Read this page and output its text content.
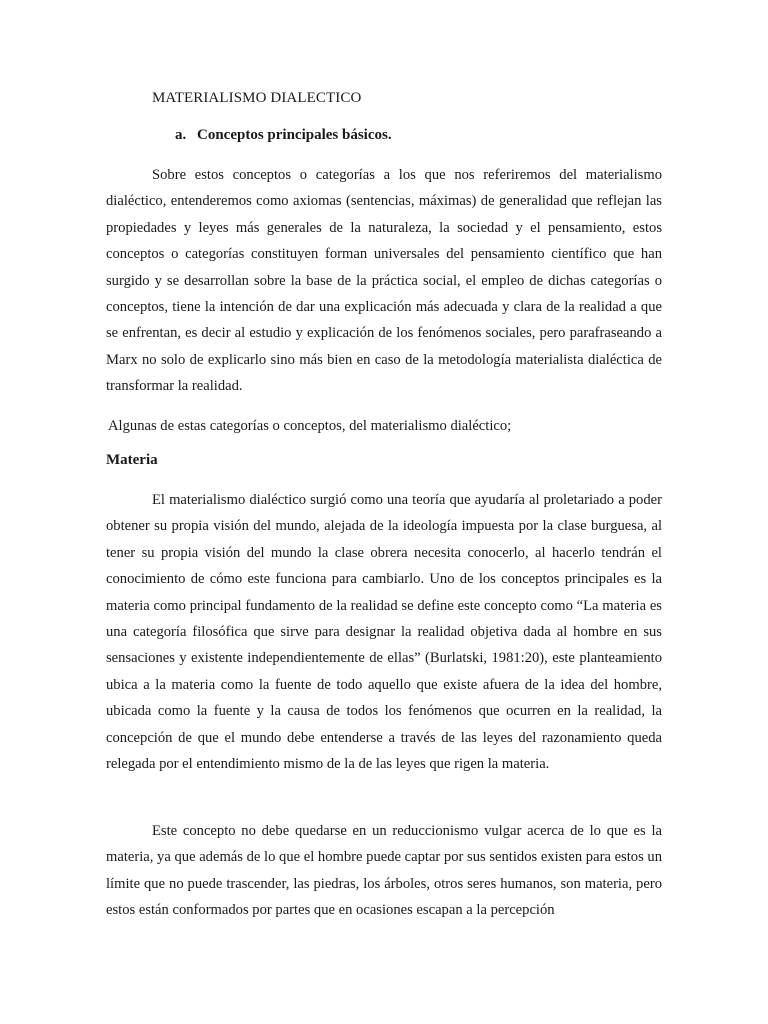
MATERIALISMO DIALECTICO
a. Conceptos principales básicos.

Sobre estos conceptos o categorías a los que nos referiremos del materialismo dialéctico, entenderemos como axiomas (sentencias, máximas) de generalidad que reflejan las propiedades y leyes más generales de la naturaleza, la sociedad y el pensamiento, estos conceptos o categorías constituyen forman universales del pensamiento científico que han surgido y se desarrollan sobre la base de la práctica social, el empleo de dichas categorías o conceptos, tiene la intención de dar una explicación más adecuada y clara de la realidad a que se enfrentan, es decir al estudio y explicación de los fenómenos sociales, pero parafraseando a Marx no solo de explicarlo sino más bien en caso de la metodología materialista dialéctica de transformar la realidad.

Algunas de estas categorías o conceptos, del materialismo dialéctico;

Materia

El materialismo dialéctico surgió como una teoría que ayudaría al proletariado a poder obtener su propia visión del mundo, alejada de la ideología impuesta por la clase burguesa, al tener su propia visión del mundo la clase obrera necesita conocerlo, al hacerlo tendrán el conocimiento de cómo este funciona para cambiarlo. Uno de los conceptos principales es la materia como principal fundamento de la realidad se define este concepto como “La materia es una categoría filosófica que sirve para designar la realidad objetiva dada al hombre en sus sensaciones y existente independientemente de ellas” (Burlatski, 1981:20), este planteamiento ubica a la materia como la fuente de todo aquello que existe afuera de la idea del hombre, ubicada como la fuente y la causa de todos los fenómenos que ocurren en la realidad, la concepción de que el mundo debe entenderse a través de las leyes del razonamiento queda relegada por el entendimiento mismo de la de las leyes que rigen la materia.

Este concepto no debe quedarse en un reduccionismo vulgar acerca de lo que es la materia, ya que además de lo que el hombre puede captar por sus sentidos existen para estos un límite que no puede trascender, las piedras, los árboles, otros seres humanos, son materia, pero estos están conformados por partes que en ocasiones escapan a la percepción
